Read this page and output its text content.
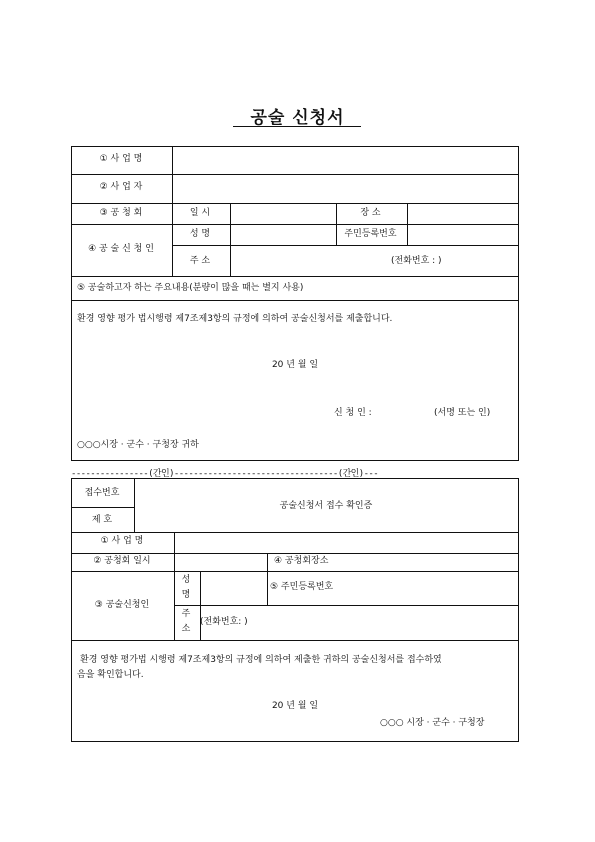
공술 신청서
① 사 업 명
② 사 업 자
③ 공 청 회	일 시	장 소
④ 공 술 신 청 인
성 명	주민등록번호
주 소	(전화번호 : )
⑤ 공술하고자 하는 주요내용(분량이 많을 때는 별지 사용)
환경 영향 평가 법시행령 제7조제3항의 규정에 의하여 공술신청서를 제출합니다.
20 년 월 일
신 청 인 :	(서명 또는 인)
○○○시장 · 군수 · 구청장 귀하
----------------(간인)----------------------------------(간인)---
접수번호
제 호
공술신청서 접수 확인증
① 사 업 명
② 공청회 일시	④ 공청회장소
③ 공술신청인
성
명
⑤ 주민등록번호
주
소
(전화번호: )
환경 영향 평가법 시행령 제7조제3항의 규정에 의하여 제출한 귀하의 공술신청서를 접수하였
음을 확인합니다.
20 년 월 일
○○○ 시장 · 군수 · 구청장
